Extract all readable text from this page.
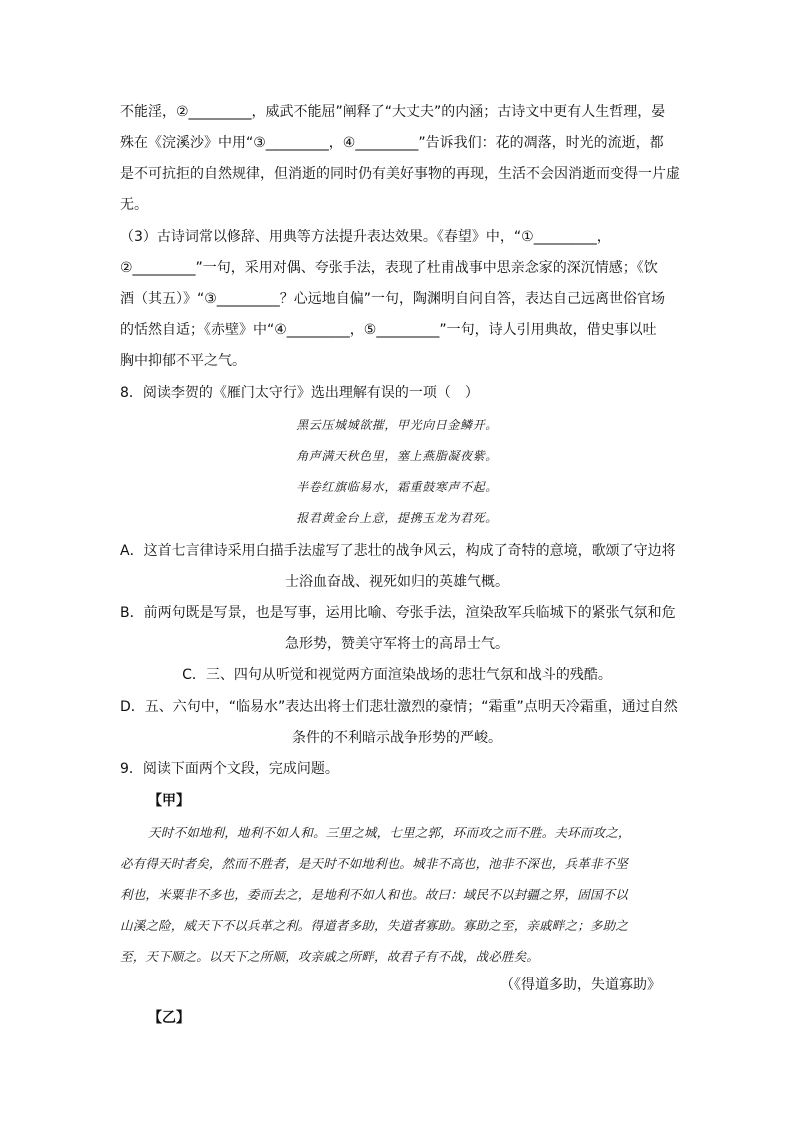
不能淫，②_________，威武不能屈”阐释了“大丈夫”的内涵；古诗文中更有人生哲理，晏
殊在《浣溪沙》中用“③_________，④_________”告诉我们：花的凋落，时光的流逝，都
是不可抗拒的自然规律，但消逝的同时仍有美好事物的再现，生活不会因消逝而变得一片虚
无。
（3）古诗词常以修辞、用典等方法提升表达效果。《春望》中，“①_________，
②_________”一句，采用对偶、夸张手法，表现了杜甫战事中思亲念家的深沉情感；《饮
酒（其五）》“③_________？心远地自偏”一句，陶渊明自问自答，表达自己远离世俗官场
的恬然自适；《赤壁》中“④_________，⑤_________”一句，诗人引用典故，借史事以吐
胸中抑郁不平之气。
8．阅读李贺的《雁门太守行》选出理解有误的一项（　）
黑云压城城欲摧，甲光向日金鳞开。
角声满天秋色里，塞上燕脂凝夜紫。
半卷红旗临易水，霜重鼓寒声不起。
报君黄金台上意，提携玉龙为君死。
A．这首七言律诗采用白描手法虚写了悲壮的战争风云，构成了奇特的意境，歌颂了守边将
士浴血奋战、视死如归的英雄气概。
B．前两句既是写景，也是写事，运用比喻、夸张手法，渲染敌军兵临城下的紧张气氛和危
急形势，赞美守军将士的高昂士气。
C．三、四句从听觉和视觉两方面渲染战场的悲壮气氛和战斗的残酷。
D．五、六句中，“临易水”表达出将士们悲壮激烈的豪情；“霜重”点明天冷霜重，通过自然
条件的不利暗示战争形势的严峻。
9．阅读下面两个文段，完成问题。
【甲】
天时不如地利，地利不如人和。三里之城，七里之郭，环而攻之而不胜。夫环而攻之，
必有得天时者矣，然而不胜者，是天时不如地利也。城非不高也，池非不深也，兵革非不坚
利也，米粟非不多也，委而去之，是地利不如人和也。故曰：域民不以封疆之界，固国不以
山溪之险，威天下不以兵革之利。得道者多助，失道者寡助。寡助之至，亲戚畔之；多助之
至，天下顺之。以天下之所顺，攻亲戚之所畔，故君子有不战，战必胜矣。
（《得道多助，失道寡助》
【乙】
